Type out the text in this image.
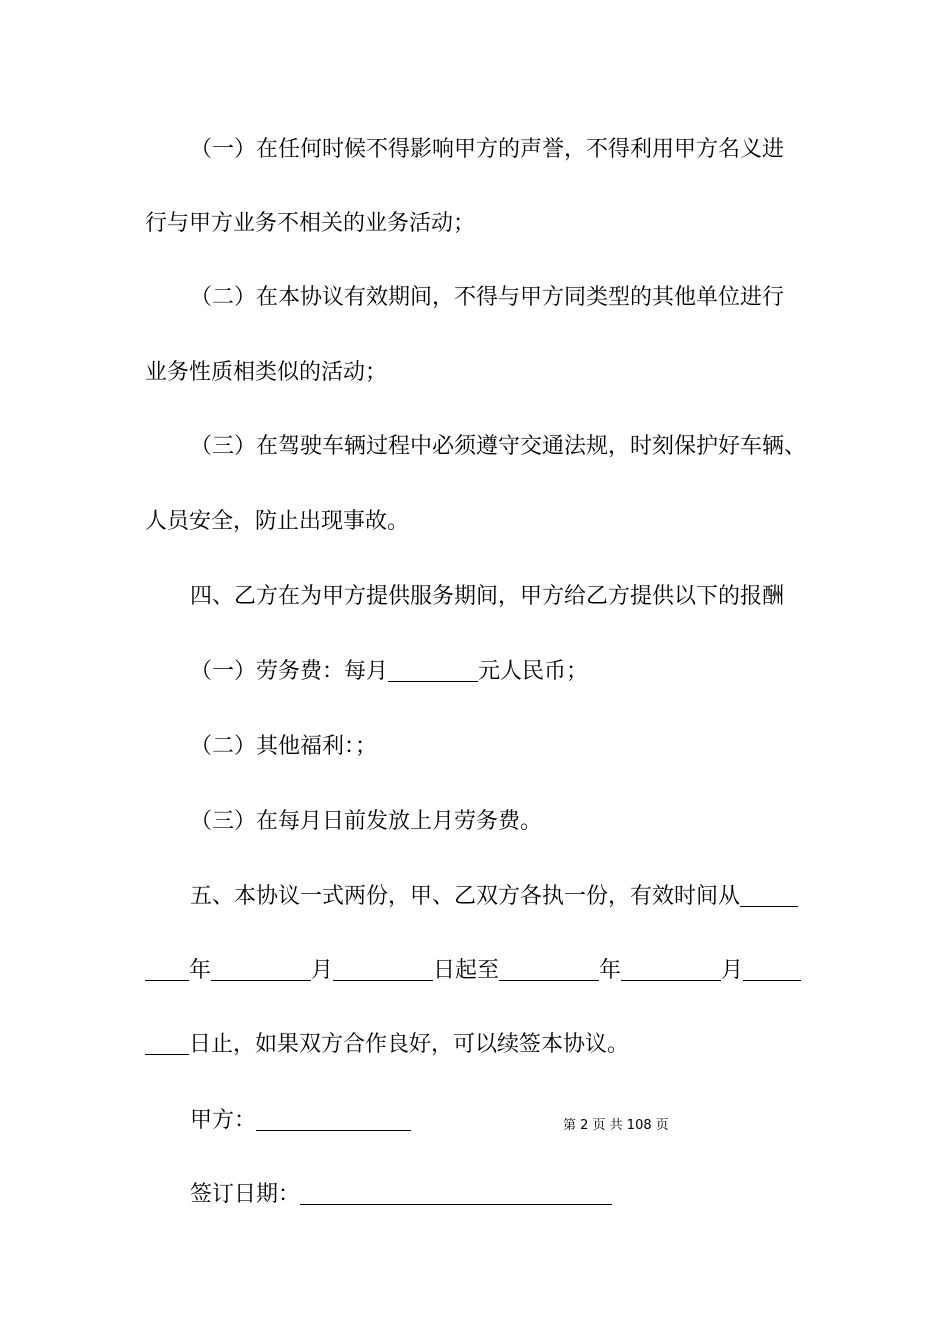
（一）在任何时候不得影响甲方的声誉，不得利用甲方名义进
行与甲方业务不相关的业务活动；
（二）在本协议有效期间，不得与甲方同类型的其他单位进行
业务性质相类似的活动；
（三）在驾驶车辆过程中必须遵守交通法规，时刻保护好车辆、
人员安全，防止出现事故。
四、乙方在为甲方提供服务期间，甲方给乙方提供以下的报酬
（一）劳务费：每月	元人民币；
（二）其他福利：；
（三）在每月日前发放上月劳务费。
五、本协议一式两份，甲、乙双方各执一份，有效时间从
年	月	日起至	年	月
日止，如果双方合作良好，可以续签本协议。
甲方：	第 2 页 共 108 页
签订日期：
